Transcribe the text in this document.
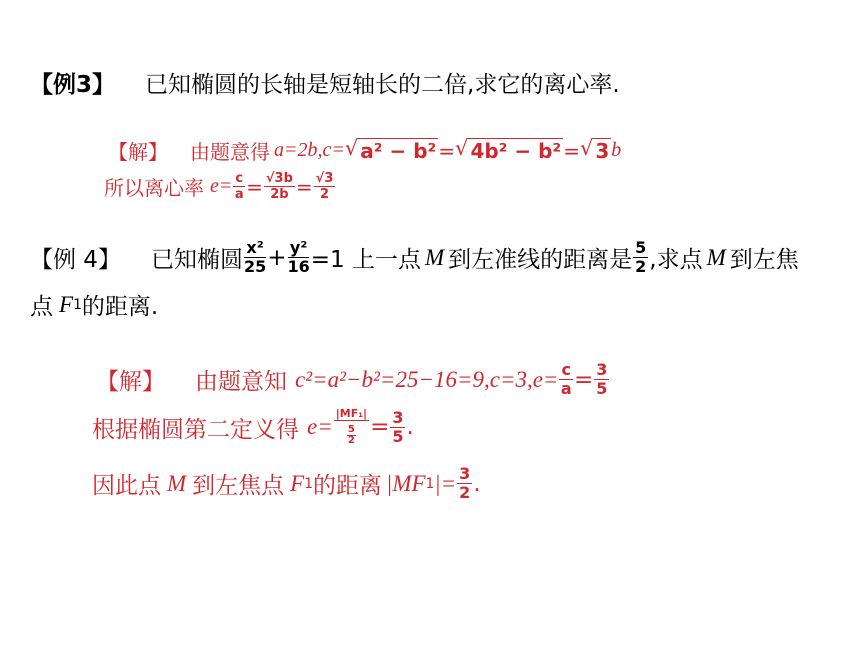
【例3】 已知椭圆的长轴是短轴长的二倍,求它的离心率.
【解】 由题意得 a=2b,c= √ a² − b² = √ 4b² − b² = √ 3 b
所以离心率 $e= \frac{c}{a} = \frac{√3b}{2b} = \frac{√3}{2}$
【例 4】 已知椭圆 $\frac{\text{x²}}{25} + \frac{\text{y²}}{16} =1$ 上一点 M 到左准线的距离是 $\frac{5}{2}$ ,求点 M 到左焦
点 F 1 的距离.
【解】 由题意知 $c^2=a^2-b^2=25-16=9,c=3,e= \frac{c}{a} = \frac{3}{5}$
根据椭圆第二定义得 $e= \frac{\text{|MF₁|}}{\frac{5}{2}} = \frac{3}{5}$ .
因此点 M 到左焦点 F 1 的距离 |MF 1 |= $\frac{3}{2}$ .
